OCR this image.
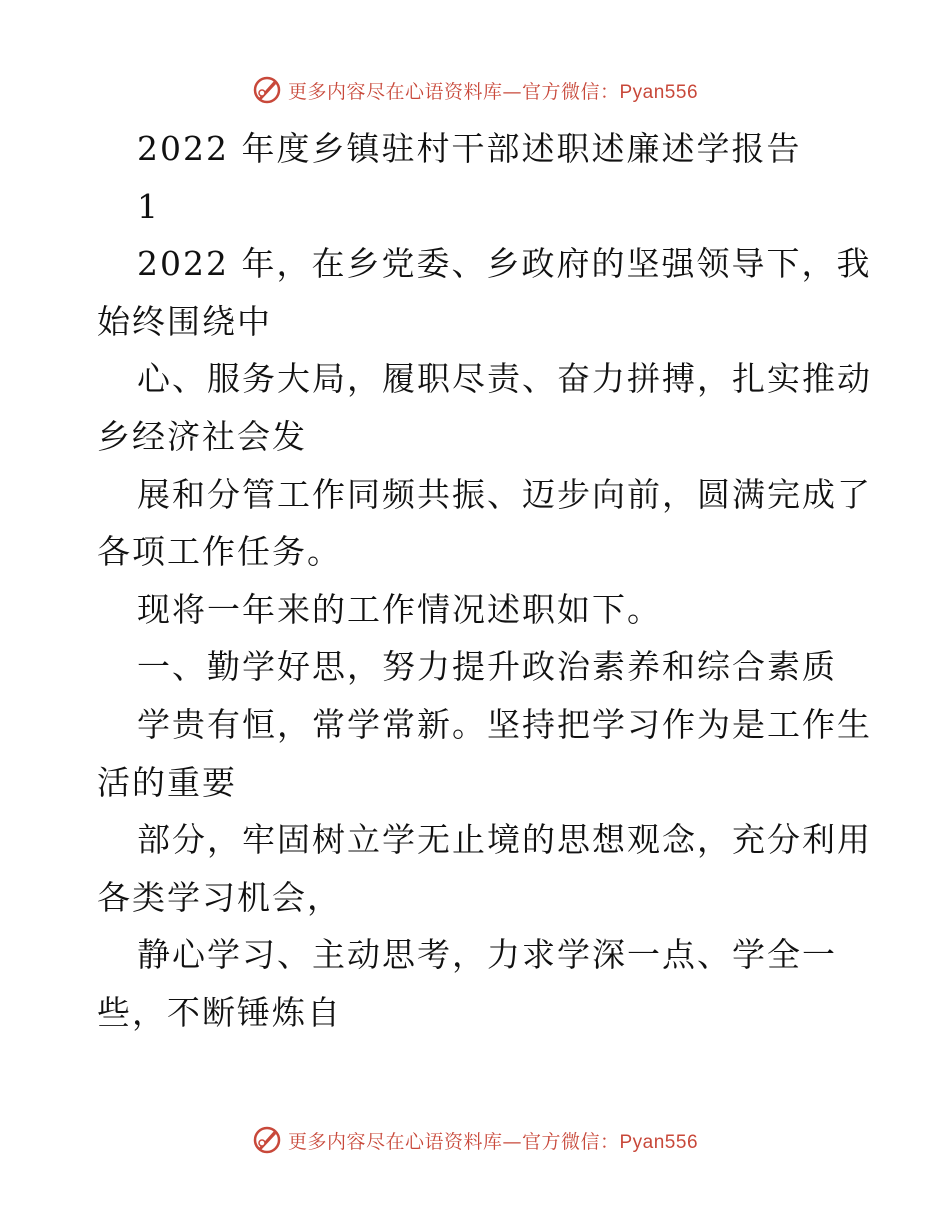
更多内容尽在心语资料库—官方微信：Pyan556
2022 年度乡镇驻村干部述职述廉述学报告
1
2022 年，在乡党委、乡政府的坚强领导下，我
始终围绕中
心、服务大局，履职尽责、奋力拼搏，扎实推动
乡经济社会发
展和分管工作同频共振、迈步向前，圆满完成了
各项工作任务。
现将一年来的工作情况述职如下。
一、勤学好思，努力提升政治素养和综合素质
学贵有恒，常学常新。坚持把学习作为是工作生
活的重要
部分，牢固树立学无止境的思想观念，充分利用
各类学习机会，
静心学习、主动思考，力求学深一点、学全一
些，不断锤炼自
更多内容尽在心语资料库—官方微信：Pyan556
